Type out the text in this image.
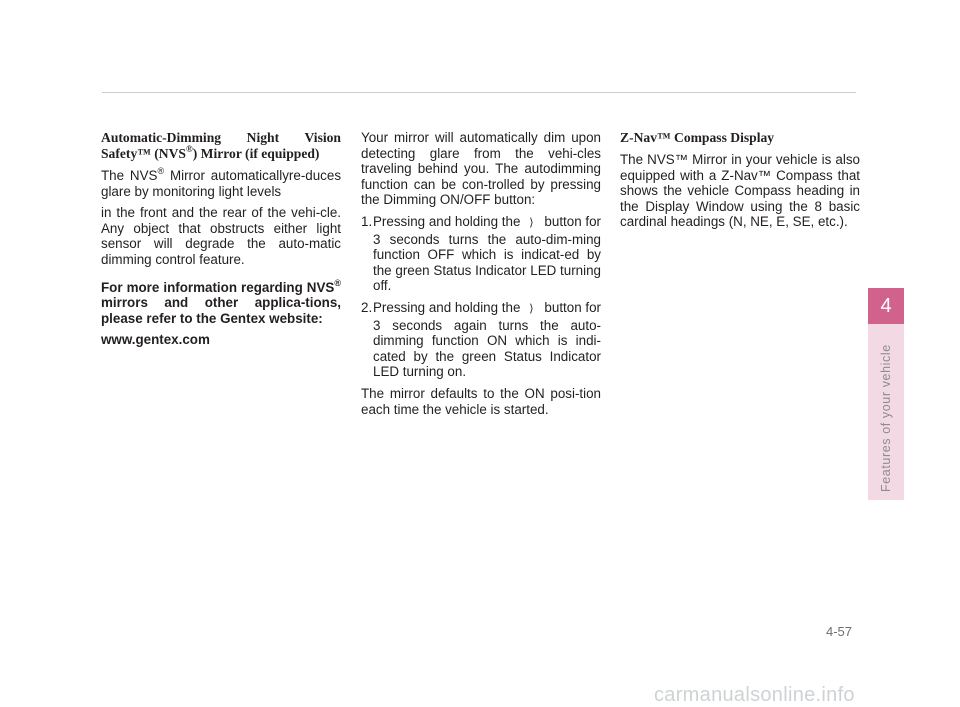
Automatic-Dimming Night Vision Safety™ (NVS®) Mirror (if equipped)

The NVS® Mirror automaticallyre-duces glare by monitoring light levels

in the front and the rear of the vehi-cle. Any object that obstructs either light sensor will degrade the auto-matic dimming control feature.

For more information regarding NVS® mirrors and other applica-tions, please refer to the Gentex website:

www.gentex.com

Your mirror will automatically dim upon detecting glare from the vehi-cles traveling behind you. The autodimming function can be con-trolled by pressing the Dimming ON/OFF button:

1. Pressing and holding the ⟩ button for 3 seconds turns the auto-dim-ming function OFF which is indicat-ed by the green Status Indicator LED turning off.
2. Pressing and holding the ⟩ button for 3 seconds again turns the auto-dimming function ON which is indi-cated by the green Status Indicator LED turning on.

The mirror defaults to the ON posi-tion each time the vehicle is started.

Z-Nav™ Compass Display

The NVS™ Mirror in your vehicle is also equipped with a Z-Nav™ Compass that shows the vehicle Compass heading in the Display Window using the 8 basic cardinal headings (N, NE, E, SE, etc.).

4
Features of your vehicle
4-57
carmanualsonline.info
